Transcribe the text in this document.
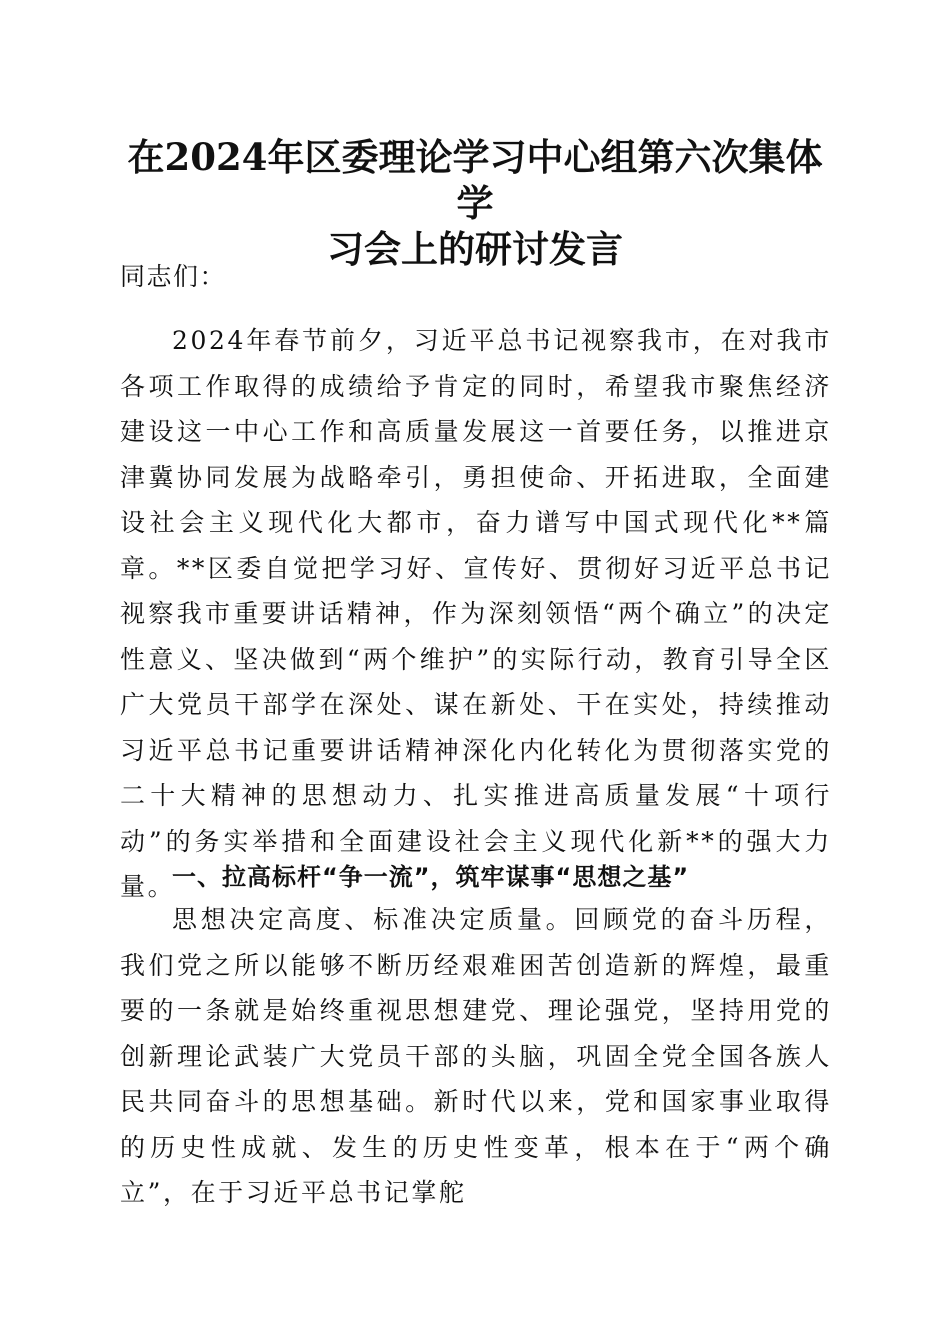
在2024年区委理论学习中心组第六次集体学
习会上的研讨发言

同志们：

2024年春节前夕，习近平总书记视察我市，在对我市各项工作取得的成绩给予肯定的同时，希望我市聚焦经济建设这一中心工作和高质量发展这一首要任务，以推进京津冀协同发展为战略牵引，勇担使命、开拓进取，全面建设社会主义现代化大都市，奋力谱写中国式现代化**篇章。**区委自觉把学习好、宣传好、贯彻好习近平总书记视察我市重要讲话精神，作为深刻领悟“两个确立”的决定性意义、坚决做到“两个维护”的实际行动，教育引导全区广大党员干部学在深处、谋在新处、干在实处，持续推动习近平总书记重要讲话精神深化内化转化为贯彻落实党的二十大精神的思想动力、扎实推进高质量发展“十项行动”的务实举措和全面建设社会主义现代化新**的强大力量。

一、拉高标杆“争一流”，筑牢谋事“思想之基”

思想决定高度、标准决定质量。回顾党的奋斗历程，我们党之所以能够不断历经艰难困苦创造新的辉煌，最重要的一条就是始终重视思想建党、理论强党，坚持用党的创新理论武装广大党员干部的头脑，巩固全党全国各族人民共同奋斗的思想基础。新时代以来，党和国家事业取得的历史性成就、发生的历史性变革，根本在于“两个确立”，在于习近平总书记掌舵
